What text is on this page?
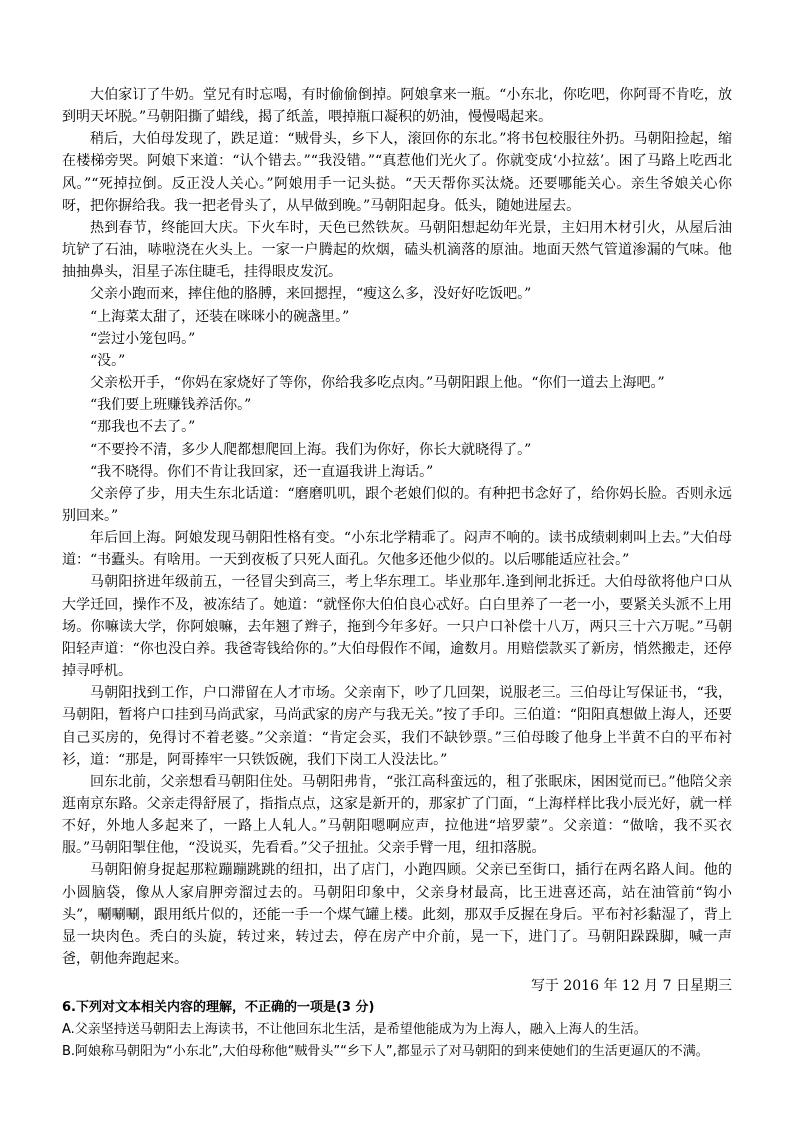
大伯家订了牛奶。堂兄有时忘喝，有时偷偷倒掉。阿娘拿来一瓶。“小东北，你吃吧，你阿哥不肯吃，放到明天坏脱。”马朝阳撕了蜡线，揭了纸盖，喂掉瓶口凝积的奶油，慢慢喝起来。

稍后，大伯母发现了，跌足道：“贼骨头，乡下人，滚回你的东北。”将书包校服往外扔。马朝阳捡起，缩在楼梯旁哭。阿娘下来道：“认个错去。”“我没错。”“真惹他们光火了。你就变成‘小拉兹’。困了马路上吃西北风。”“死掉拉倒。反正没人关心。”阿娘用手一记头挞。“天天帮你买汰烧。还要哪能关心。亲生爷娘关心你呀，把你摒给我。我一把老骨头了，从早做到晚。”马朝阳起身。低头，随她进屋去。

热到春节，终能回大庆。下火车时，天色已然铁灰。马朝阳想起幼年光景，主妇用木材引火，从屋后油坑铲了石油，哧啦浇在火头上。一家一户腾起的炊烟，磕头机滴落的原油。地面天然气管道渗漏的气味。他抽抽鼻头，泪星子冻住睫毛，挂得眼皮发沉。

父亲小跑而来，摔住他的胳膊，来回摁捏，“瘦这么多，没好好吃饭吧。”

“上海菜太甜了，还装在咪咪小的碗盏里。”

“尝过小笼包吗。”

“没。”

父亲松开手，“你妈在家烧好了等你，你给我多吃点肉。”马朝阳跟上他。“你们一道去上海吧。”

“我们要上班赚钱养活你。”

“那我也不去了。”

“不要拎不清，多少人爬都想爬回上海。我们为你好，你长大就晓得了。”

“我不晓得。你们不肯让我回家，还一直逼我讲上海话。”

父亲停了步，用夫生东北话道：“磨磨叽叽，跟个老娘们似的。有种把书念好了，给你妈长脸。否则永远别回来。”

年后回上海。阿娘发现马朝阳性格有变。“小东北学精乖了。闷声不响的。读书成绩刺刺叫上去。”大伯母道：“书蠹头。有啥用。一天到夜板了只死人面孔。欠他多还他少似的。以后哪能适应社会。”

马朝阳挤进年级前五，一径冒尖到高三，考上华东理工。毕业那年.逢到闸北拆迁。大伯母欲将他户口从大学迁回，操作不及，被冻结了。她道：“就怪你大伯伯良心忒好。白白里养了一老一小，要紧关头派不上用场。你嘛读大学，你阿娘嘛，去年翘了辫子，拖到今年多好。一只户口补偿十八万，两只三十六万呢。”马朝阳轻声道：“你也没白养。我爸寄钱给你的。”大伯母假作不闻，逾数月。用赔偿款买了新房，悄然搬走，还停掉寻呼机。

马朝阳找到工作，户口滞留在人才市场。父亲南下，吵了几回架，说服老三。三伯母让写保证书，“我，马朝阳，暂将户口挂到马尚武家，马尚武家的房产与我无关。”按了手印。三伯道：“阳阳真想做上海人，还要自己买房的，免得讨不着老婆。”父亲道：“肯定会买，我们不缺钞票。”三伯母睃了他身上半黄不白的平布衬衫，道：“那是，阿哥捧牢一只铁饭碗，我们下岗工人没法比。”

回东北前，父亲想看马朝阳住处。马朝阳弗肯，“张江高科蛮远的，租了张眠床，困困觉而已。”他陪父亲逛南京东路。父亲走得舒展了，指指点点，这家是新开的，那家扩了门面，“上海样样比我小辰光好，就一样不好，外地人多起来了，一路上人轧人。”马朝阳嗯啊应声，拉他进“培罗蒙”。父亲道：“做啥，我不买衣服。”马朝阳掣住他，“没说买，先看看。”父子扭扯。父亲手臂一甩，纽扣落脱。

马朝阳俯身捉起那粒蹦蹦跳跳的纽扣，出了店门，小跑四顾。父亲已至街口，插行在两名路人间。他的小圆脑袋，像从人家肩胛旁溜过去的。马朝阳印象中，父亲身材最高，比王进喜还高，站在油管前“钩小头”，唰唰唰，跟用纸片似的，还能一手一个煤气罐上楼。此刻，那双手反握在身后。平布衬衫黏湿了，背上显一块肉色。秃白的头旋，转过来，转过去，停在房产中介前，晃一下，进门了。马朝阳跺跺脚，喊一声爸，朝他奔跑起来。

写于 2016 年 12 月 7 日星期三

6.下列对文本相关内容的理解，不正确的一项是(3 分)

A.父亲坚持送马朝阳去上海读书，不让他回东北生活，是希望他能成为为上海人，融入上海人的生活。

B.阿娘称马朝阳为“小东北”,大伯母称他“贼骨头”“乡下人”,都显示了对马朝阳的到来使她们的生活更逼仄的不满。
